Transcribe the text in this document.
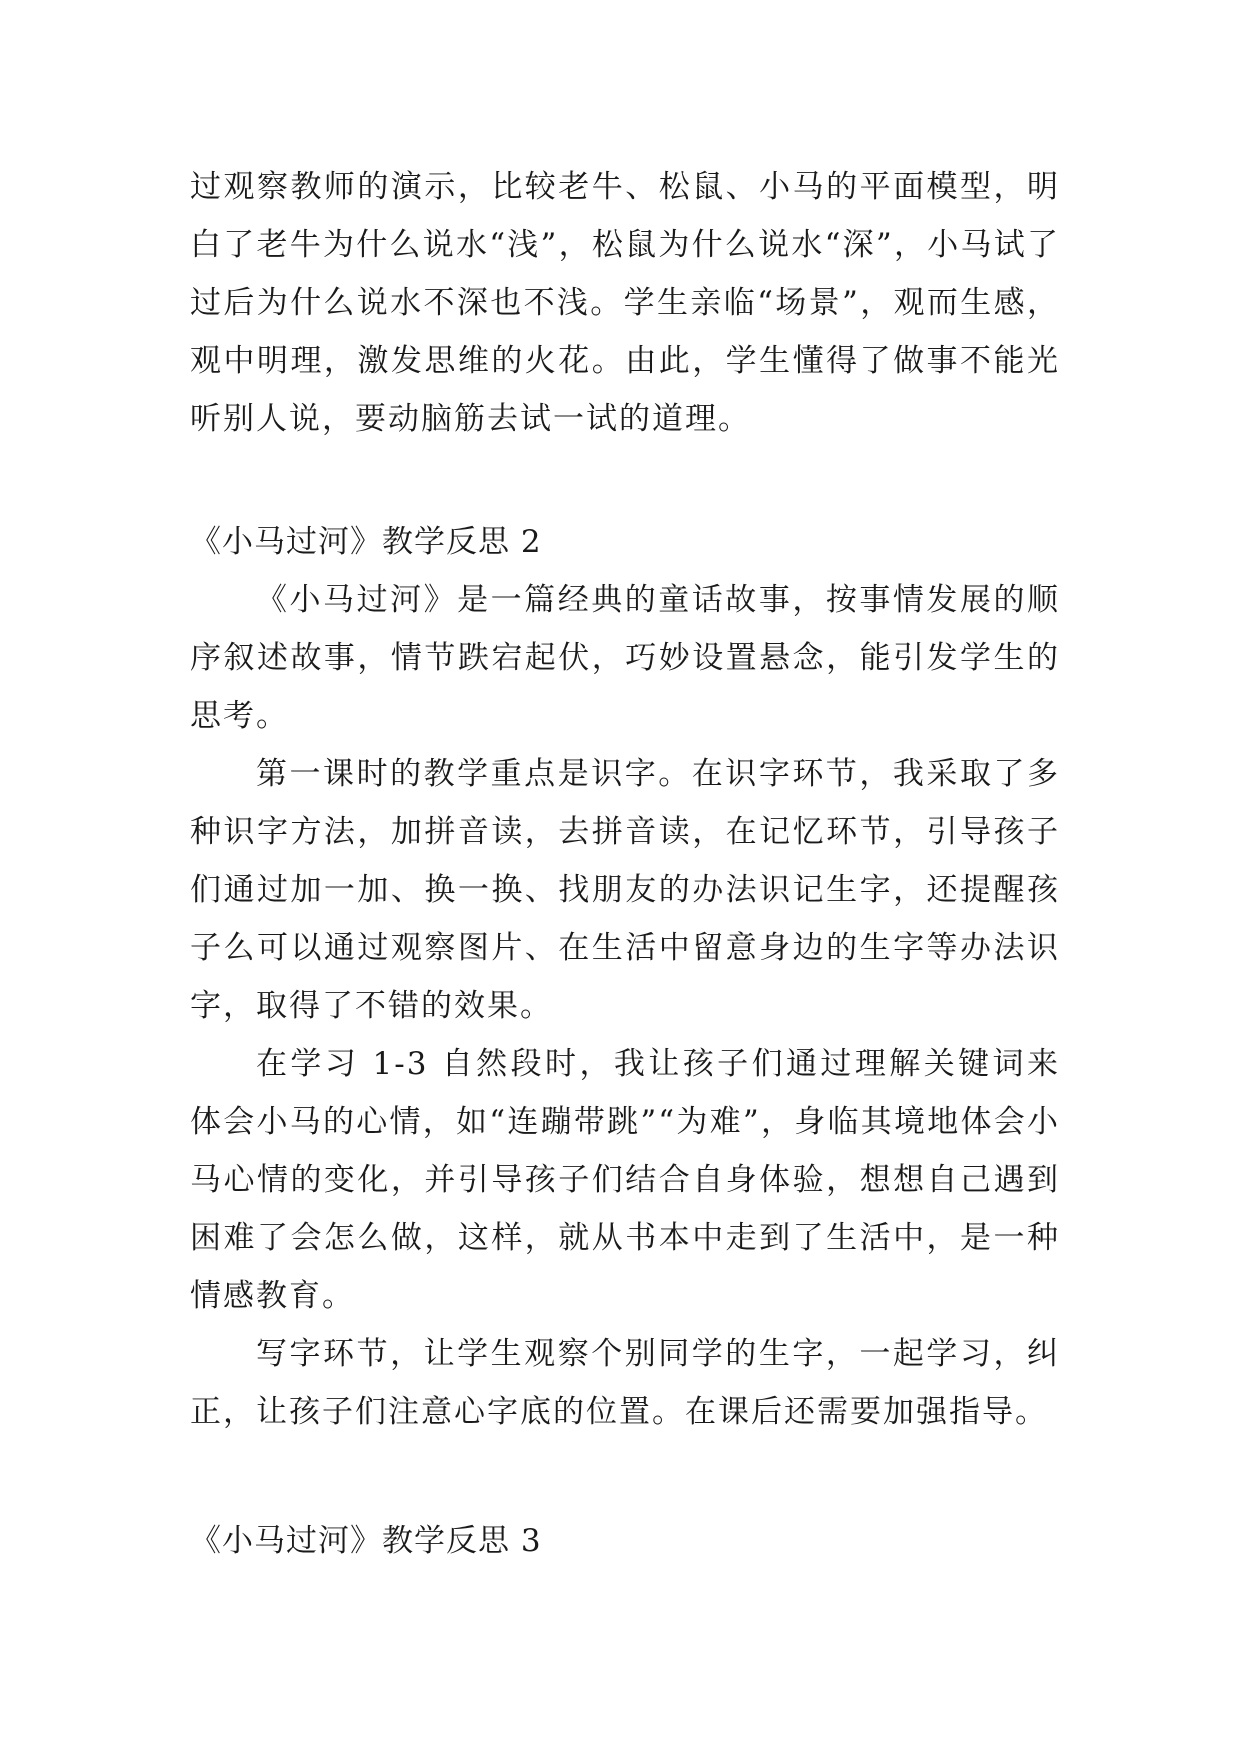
过观察教师的演示，比较老牛、松鼠、小马的平面模型，明白了老牛为什么说水“浅”，松鼠为什么说水“深”，小马试了过后为什么说水不深也不浅。学生亲临“场景”，观而生感，观中明理，激发思维的火花。由此，学生懂得了做事不能光听别人说，要动脑筋去试一试的道理。

《小马过河》教学反思 2

《小马过河》是一篇经典的童话故事，按事情发展的顺序叙述故事，情节跌宕起伏，巧妙设置悬念，能引发学生的思考。

第一课时的教学重点是识字。在识字环节，我采取了多种识字方法，加拼音读，去拼音读，在记忆环节，引导孩子们通过加一加、换一换、找朋友的办法识记生字，还提醒孩子么可以通过观察图片、在生活中留意身边的生字等办法识字，取得了不错的效果。

在学习 1-3 自然段时，我让孩子们通过理解关键词来体会小马的心情，如“连蹦带跳”“为难”，身临其境地体会小马心情的变化，并引导孩子们结合自身体验，想想自己遇到困难了会怎么做，这样，就从书本中走到了生活中，是一种情感教育。

写字环节，让学生观察个别同学的生字，一起学习，纠正，让孩子们注意心字底的位置。在课后还需要加强指导。

《小马过河》教学反思 3
